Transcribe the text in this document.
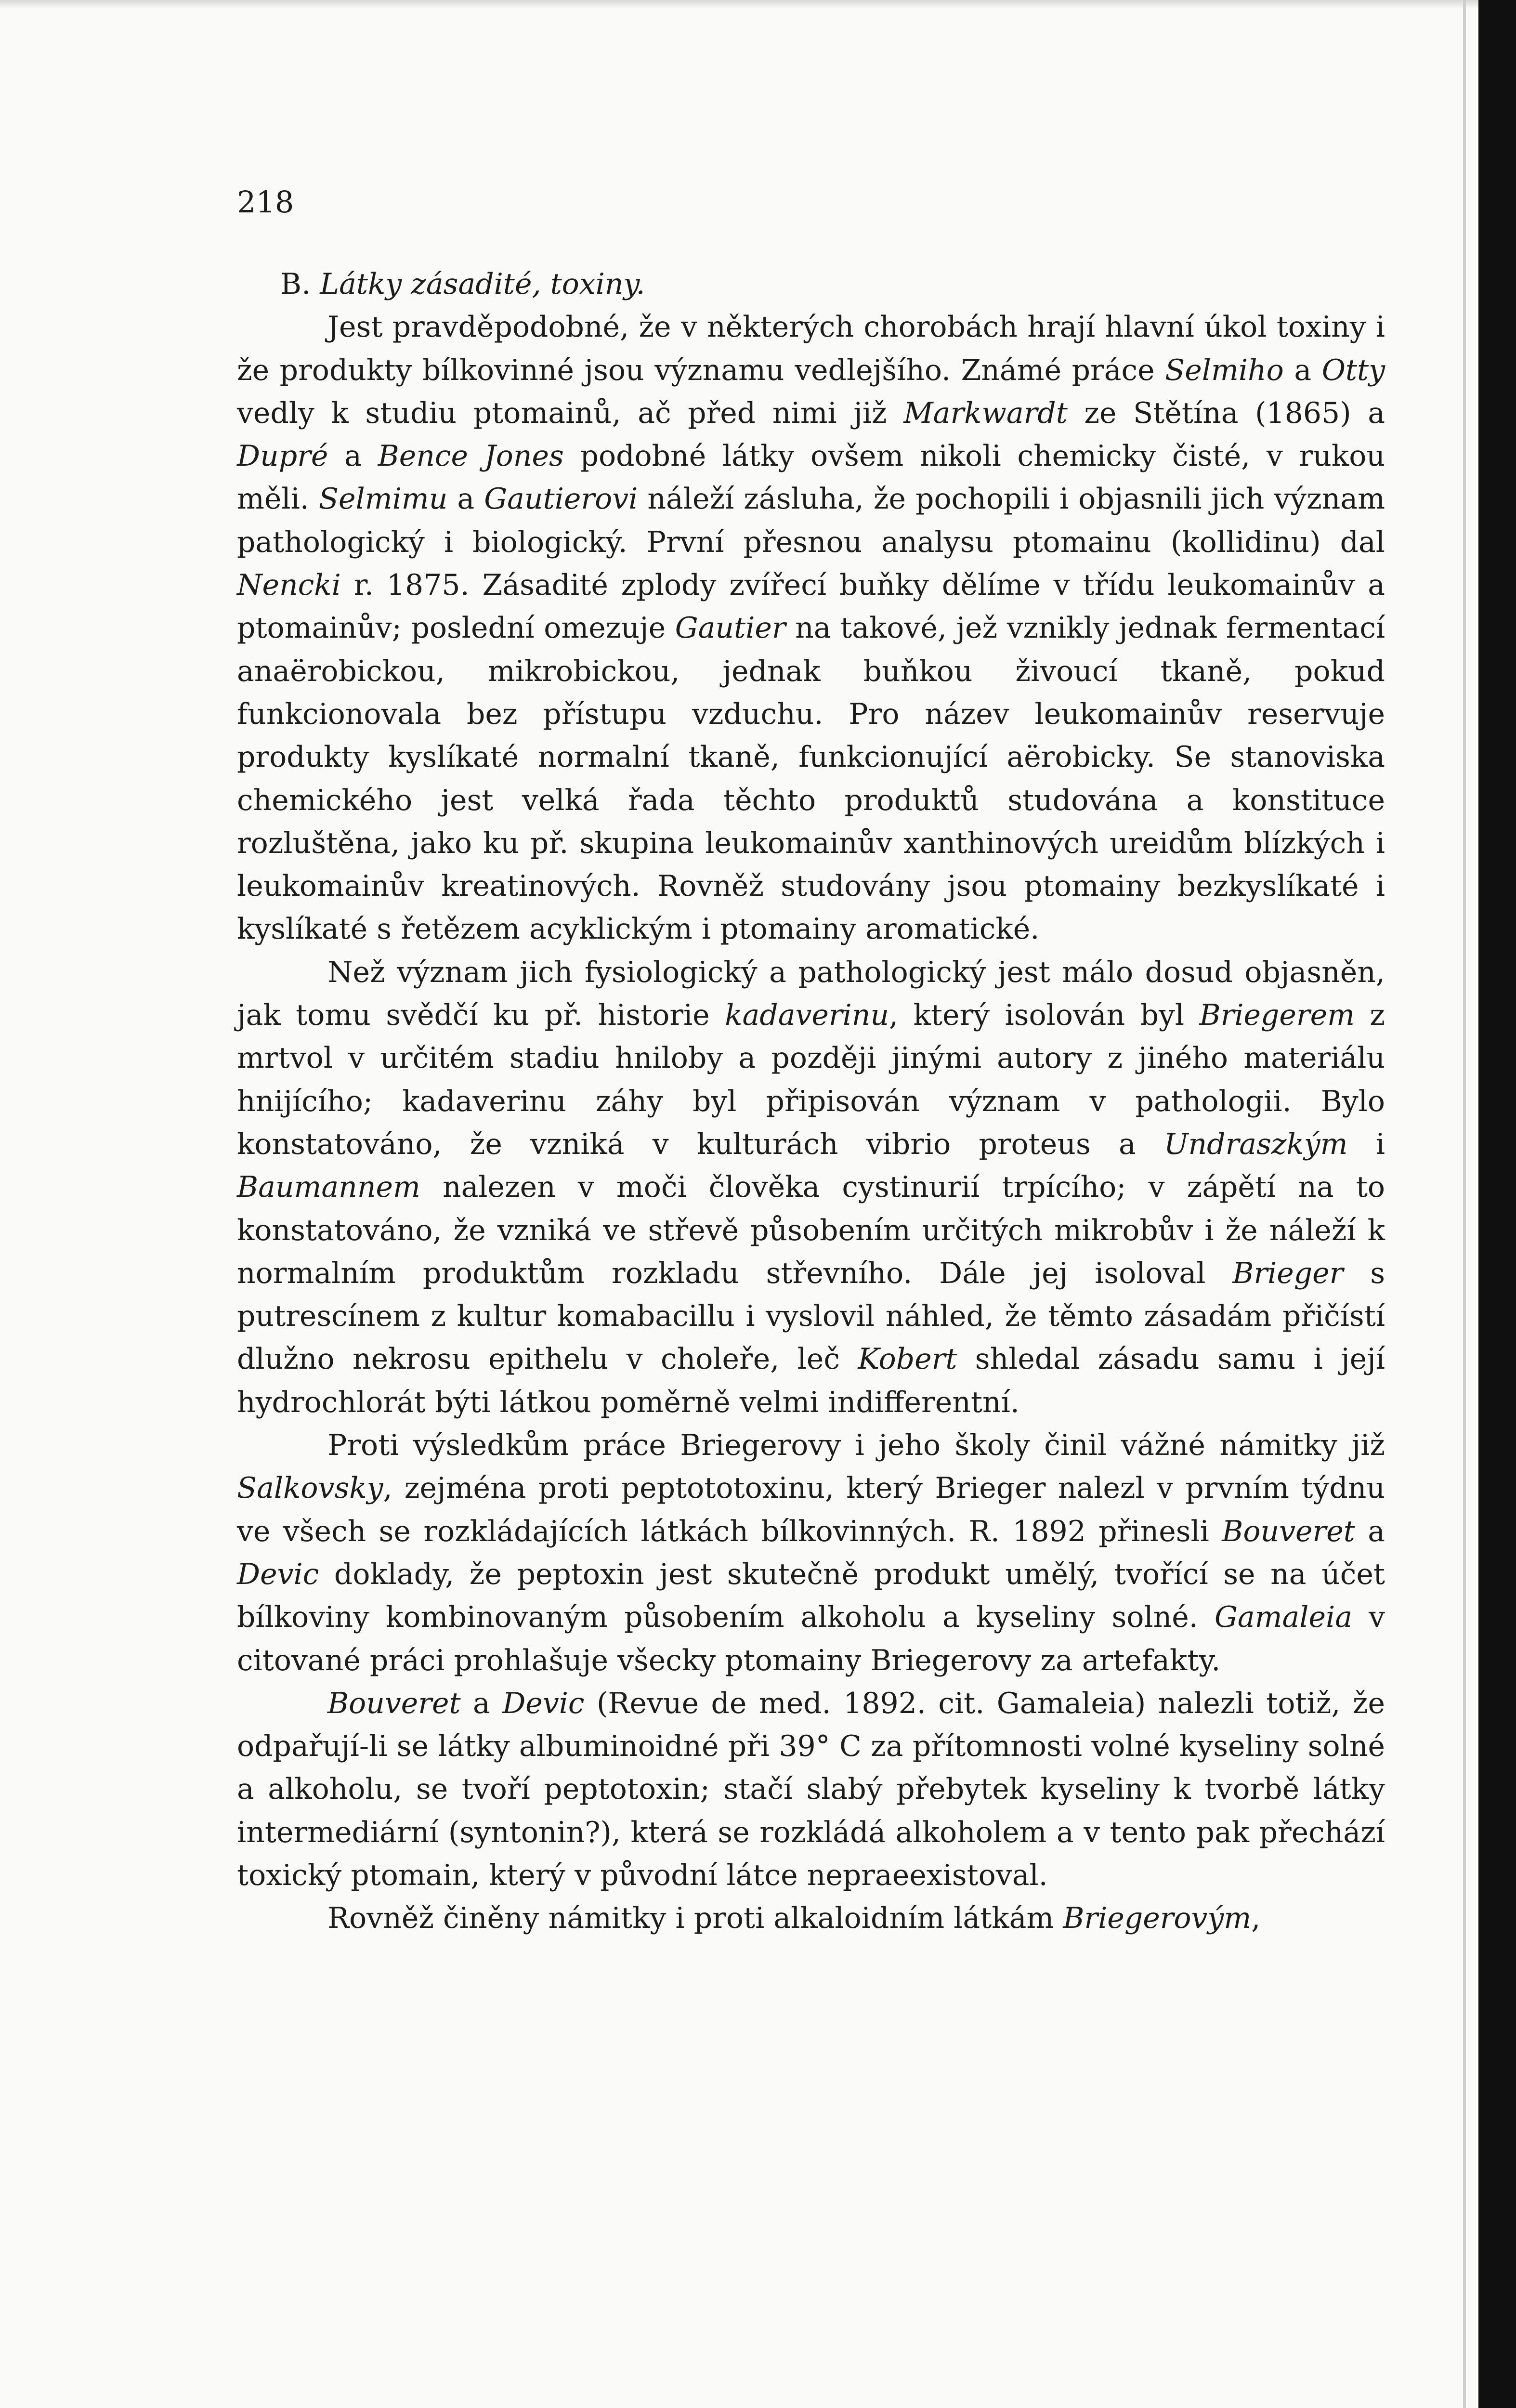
218
B. Látky zásadité, toxiny.

Jest pravděpodobné, že v některých chorobách hrají hlavní úkol toxiny i že produkty bílkovinné jsou významu vedlejšího. Známé práce Selmiho a Otty vedly k studiu ptomainů, ač před nimi již Markwardt ze Stětína (1865) a Dupré a Bence Jones podobné látky ovšem nikoli chemicky čisté, v rukou měli. Selmimu a Gautierovi náleží zásluha, že pochopili i objasnili jich význam pathologický i biologický. První přesnou analysu ptomainu (kollidinu) dal Nencki r. 1875. Zásadité zplody zvířecí buňky dělíme v třídu leukomainův a ptomainův; poslední omezuje Gautier na takové, jež vznikly jednak fermentací anaërobickou, mikrobickou, jednak buňkou živoucí tkaně, pokud funkcionovala bez přístupu vzduchu. Pro název leukomainův reservuje produkty kyslíkaté normalní tkaně, funkcionující aërobicky. Se stanoviska chemického jest velká řada těchto produktů studována a konstituce rozluštěna, jako ku př. skupina leukomainův xanthinových ureidům blízkých i leukomainův kreatinových. Rovněž studovány jsou ptomainy bezkyslíkaté i kyslíkaté s řetězem acyklickým i ptomainy aromatické.

Než význam jich fysiologický a pathologický jest málo dosud objasněn, jak tomu svědčí ku př. historie kadaverinu, který isolován byl Briegerem z mrtvol v určitém stadiu hniloby a později jinými autory z jiného materiálu hnijícího; kadaverinu záhy byl připisován význam v pathologii. Bylo konstatováno, že vzniká v kulturách vibrio proteus a Undraszkým i Baumannem nalezen v moči člověka cystinurií trpícího; v zápětí na to konstatováno, že vzniká ve střevě působením určitých mikrobův i že náleží k normalním produktům rozkladu střevního. Dále jej isoloval Brieger s putrescínem z kultur komabacillu i vyslovil náhled, že těmto zásadám přičístí dlužno nekrosu epithelu v choleře, leč Kobert shledal zásadu samu i její hydrochlorát býti látkou poměrně velmi indifferentní.

Proti výsledkům práce Briegerovy i jeho školy činil vážné námitky již Salkovsky, zejména proti peptototoxinu, který Brieger nalezl v prvním týdnu ve všech se rozkládajících látkách bílkovinných. R. 1892 přinesli Bouveret a Devic doklady, že peptoxin jest skutečně produkt umělý, tvořící se na účet bílkoviny kombinovaným působením alkoholu a kyseliny solné. Gamaleia v citované práci prohlašuje všecky ptomainy Briegerovy za artefakty.

Bouveret a Devic (Revue de med. 1892. cit. Gamaleia) nalezli totiž, že odpařují-li se látky albuminoidné při 39° C za přítomnosti volné kyseliny solné a alkoholu, se tvoří peptotoxin; stačí slabý přebytek kyseliny k tvorbě látky intermediární (syntonin?), která se rozkládá alkoholem a v tento pak přechází toxický ptomain, který v původní látce nepraeexistoval.

Rovněž činěny námitky i proti alkaloidním látkám Briegerovým,
